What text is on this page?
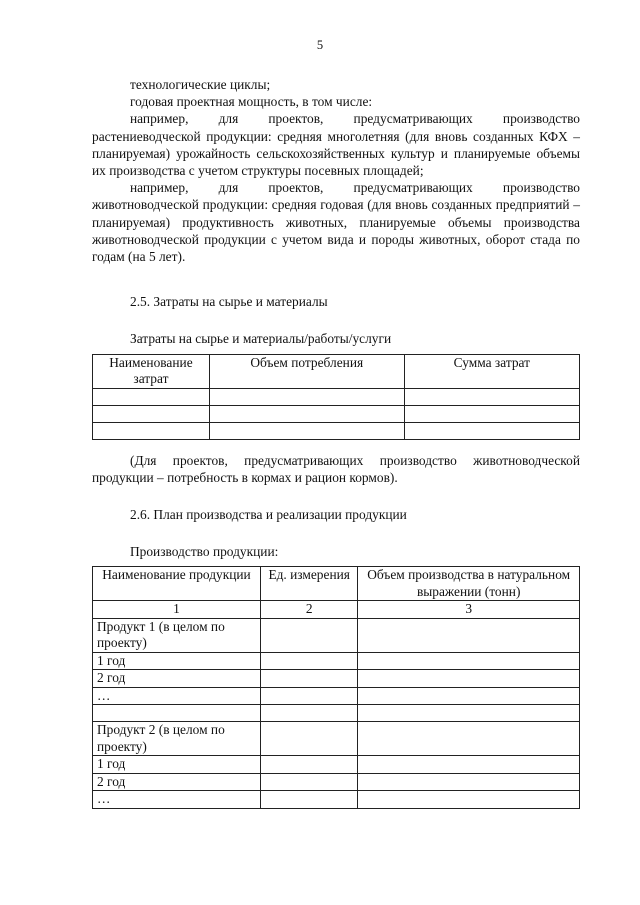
5

технологические циклы;

годовая проектная мощность, в том числе:

например, для проектов, предусматривающих производство растениеводческой продукции: средняя многолетняя (для вновь созданных КФХ – планируемая) урожайность сельскохозяйственных культур и планируемые объемы их производства с учетом структуры посевных площадей;

например, для проектов, предусматривающих производство животноводческой продукции: средняя годовая (для вновь созданных предприятий – планируемая) продуктивность животных, планируемые объемы производства животноводческой продукции с учетом вида и породы животных, оборот стада по годам (на 5 лет).

2.5. Затраты на сырье и материалы

Затраты на сырье и материалы/работы/услуги

Наименование затрат	Объем потребления	Сумма затрат

(Для проектов, предусматривающих производство животноводческой продукции – потребность в кормах и рацион кормов).

2.6. План производства и реализации продукции

Производство продукции:

Наименование продукции	Ед. измерения	Объем производства в натуральном выражении (тонн)
1	2	3
Продукт 1 (в целом по проекту)		
1 год		
2 год		
…		

Продукт 2 (в целом по проекту)		
1 год		
2 год		
…		
